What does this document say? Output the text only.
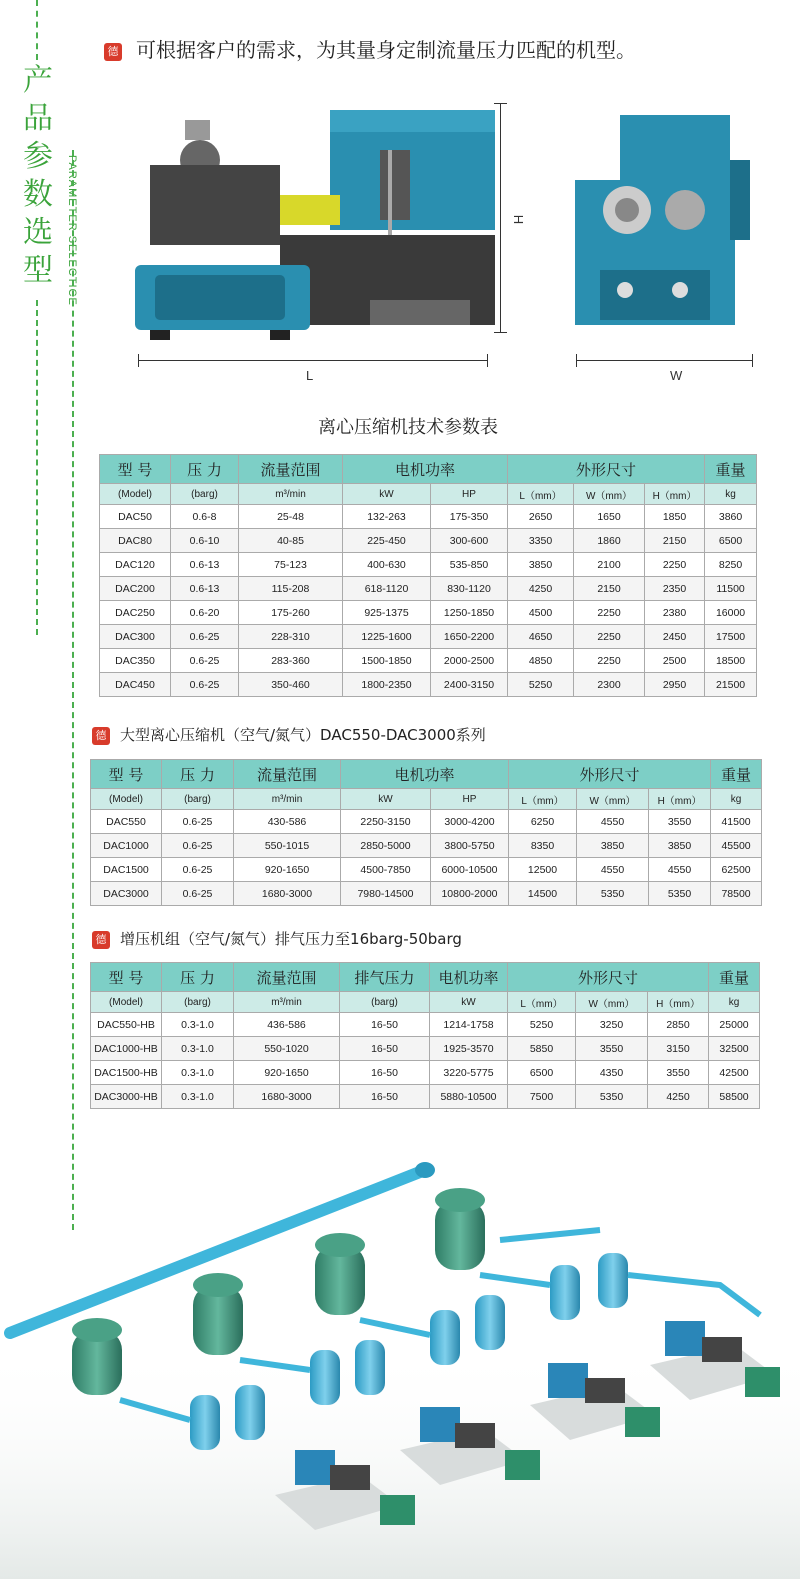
产
品
参
数
选
型	PARAMETER SELECTICE
德 可根据客户的需求，为其量身定制流量压力匹配的机型。
H
L	W
离心压缩机技术参数表
型 号	压 力	流量范围	电机功率		外形尺寸			重量
(Model)	(barg)	m³/min	kW	HP	L（mm）	W（mm）	H（mm）	kg
DAC50	0.6-8	25-48	132-263	175-350	2650	1650	1850	3860
DAC80	0.6-10	40-85	225-450	300-600	3350	1860	2150	6500
DAC120	0.6-13	75-123	400-630	535-850	3850	2100	2250	8250
DAC200	0.6-13	115-208	618-1120	830-1120	4250	2150	2350	11500
DAC250	0.6-20	175-260	925-1375	1250-1850	4500	2250	2380	16000
DAC300	0.6-25	228-310	1225-1600	1650-2200	4650	2250	2450	17500
DAC350	0.6-25	283-360	1500-1850	2000-2500	4850	2250	2500	18500
DAC450	0.6-25	350-460	1800-2350	2400-3150	5250	2300	2950	21500
德 大型离心压缩机（空气/氮气）DAC550-DAC3000系列
型 号	压 力	流量范围	电机功率		外形尺寸			重量
(Model)	(barg)	m³/min	kW	HP	L（mm）	W（mm）	H（mm）	kg
DAC550	0.6-25	430-586	2250-3150	3000-4200	6250	4550	3550	41500
DAC1000	0.6-25	550-1015	2850-5000	3800-5750	8350	3850	3850	45500
DAC1500	0.6-25	920-1650	4500-7850	6000-10500	12500	4550	4550	62500
DAC3000	0.6-25	1680-3000	7980-14500	10800-2000	14500	5350	5350	78500
德 增压机组（空气/氮气）排气压力至16barg-50barg
型 号	压 力	流量范围	排气压力	电机功率	外形尺寸			重量
(Model)	(barg)	m³/min	(barg)	kW	L（mm）	W（mm）	H（mm）	kg
DAC550-HB	0.3-1.0	436-586	16-50	1214-1758	5250	3250	2850	25000
DAC1000-HB	0.3-1.0	550-1020	16-50	1925-3570	5850	3550	3150	32500
DAC1500-HB	0.3-1.0	920-1650	16-50	3220-5775	6500	4350	3550	42500
DAC3000-HB	0.3-1.0	1680-3000	16-50	5880-10500	7500	5350	4250	58500
